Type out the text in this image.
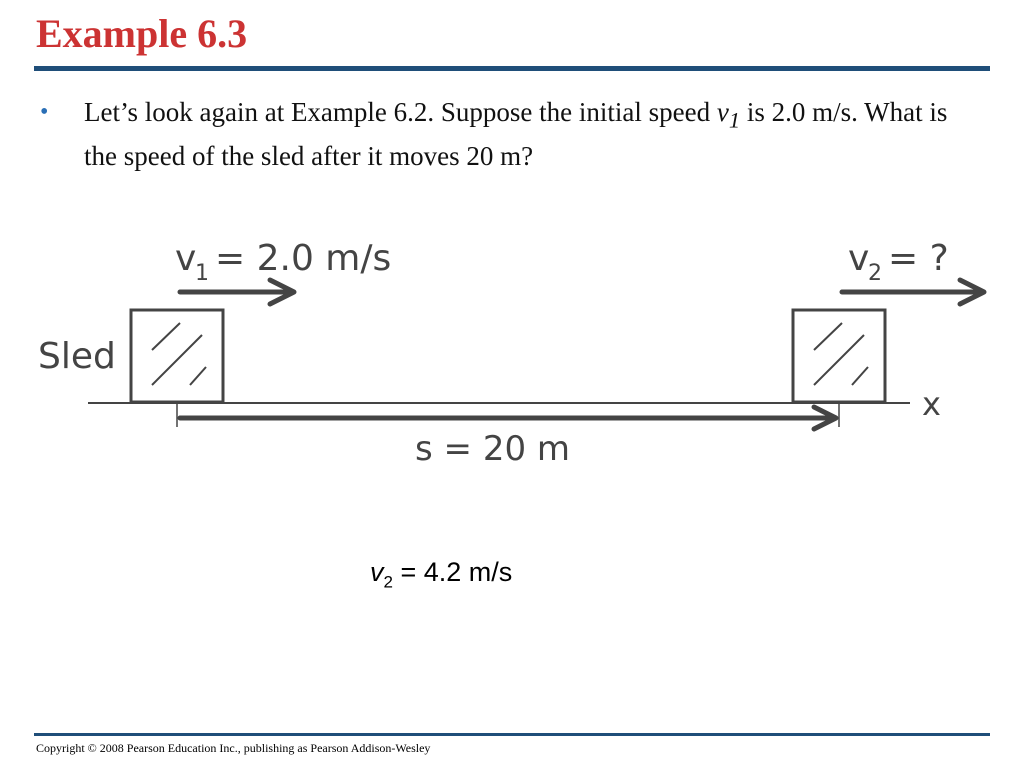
Example 6.3
• Let’s look again at Example 6.2. Suppose the initial speed $v_1$ is 2.0 m/s. What is the speed of the sled after it moves 20 m?
v
1 = 2.0 m/s	v
2 = ?
Sled
x
s = 20 m
$v_2 = 4.2$ m/s
Copyright © 2008 Pearson Education Inc., publishing as Pearson Addison-Wesley
